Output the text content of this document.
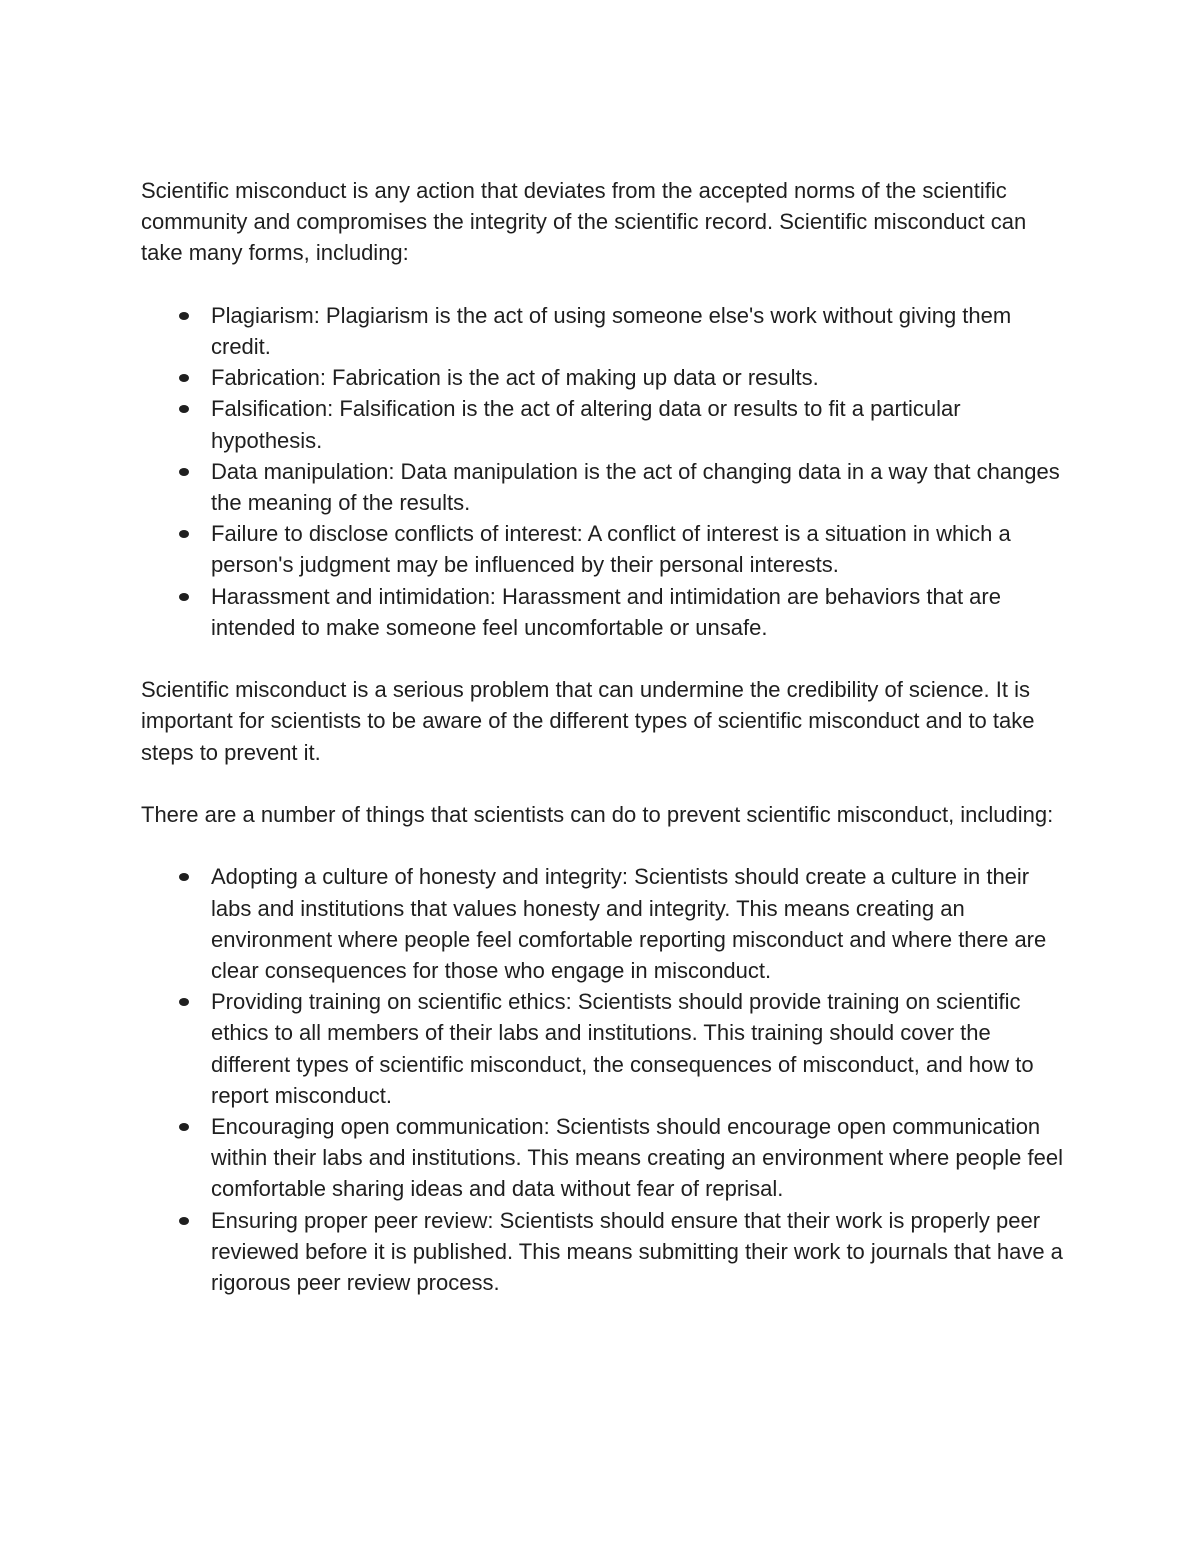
Scientific misconduct is any action that deviates from the accepted norms of the scientific community and compromises the integrity of the scientific record. Scientific misconduct can take many forms, including:

Plagiarism: Plagiarism is the act of using someone else's work without giving them credit.
Fabrication: Fabrication is the act of making up data or results.
Falsification: Falsification is the act of altering data or results to fit a particular hypothesis.
Data manipulation: Data manipulation is the act of changing data in a way that changes the meaning of the results.
Failure to disclose conflicts of interest: A conflict of interest is a situation in which a person's judgment may be influenced by their personal interests.
Harassment and intimidation: Harassment and intimidation are behaviors that are intended to make someone feel uncomfortable or unsafe.

Scientific misconduct is a serious problem that can undermine the credibility of science. It is important for scientists to be aware of the different types of scientific misconduct and to take steps to prevent it.

There are a number of things that scientists can do to prevent scientific misconduct, including:

Adopting a culture of honesty and integrity: Scientists should create a culture in their labs and institutions that values honesty and integrity. This means creating an environment where people feel comfortable reporting misconduct and where there are clear consequences for those who engage in misconduct.
Providing training on scientific ethics: Scientists should provide training on scientific ethics to all members of their labs and institutions. This training should cover the different types of scientific misconduct, the consequences of misconduct, and how to report misconduct.
Encouraging open communication: Scientists should encourage open communication within their labs and institutions. This means creating an environment where people feel comfortable sharing ideas and data without fear of reprisal.
Ensuring proper peer review: Scientists should ensure that their work is properly peer reviewed before it is published. This means submitting their work to journals that have a rigorous peer review process.
